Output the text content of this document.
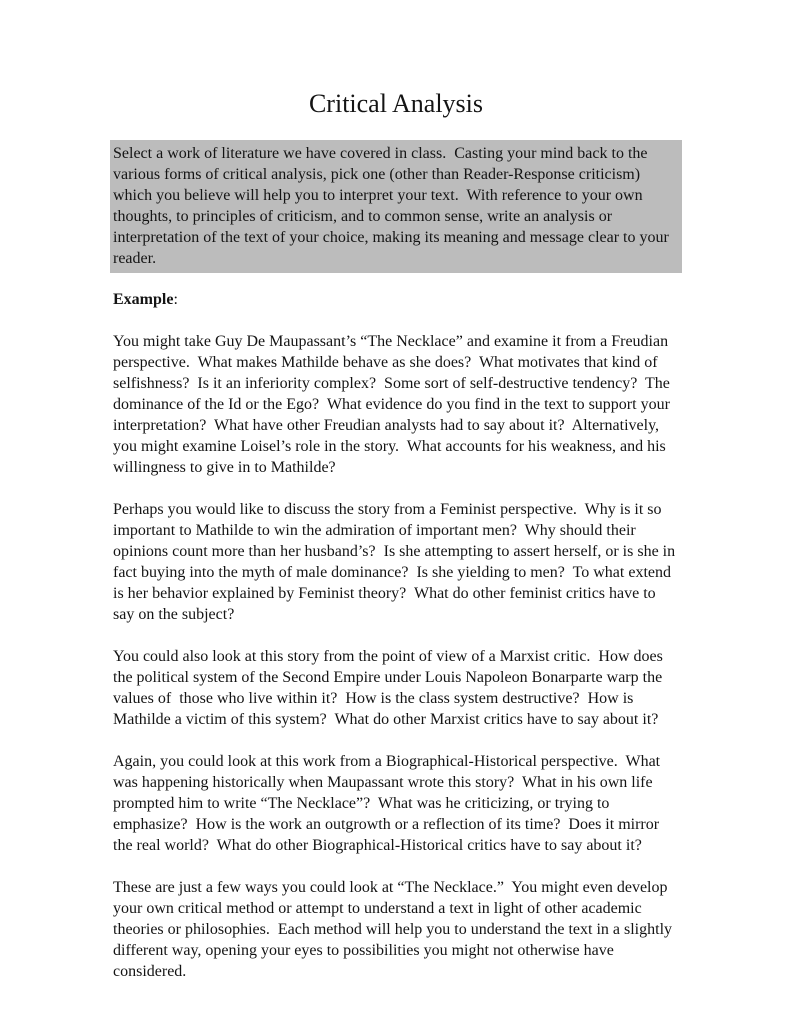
Critical Analysis
Select a work of literature we have covered in class.  Casting your mind back to the various forms of critical analysis, pick one (other than Reader-Response criticism) which you believe will help you to interpret your text.  With reference to your own thoughts, to principles of criticism, and to common sense, write an analysis or interpretation of the text of your choice, making its meaning and message clear to your reader.

Example:

You might take Guy De Maupassant’s “The Necklace” and examine it from a Freudian perspective.  What makes Mathilde behave as she does?  What motivates that kind of selfishness?  Is it an inferiority complex?  Some sort of self-destructive tendency?  The dominance of the Id or the Ego?  What evidence do you find in the text to support your interpretation?  What have other Freudian analysts had to say about it?  Alternatively, you might examine Loisel’s role in the story.  What accounts for his weakness, and his willingness to give in to Mathilde?

Perhaps you would like to discuss the story from a Feminist perspective.  Why is it so important to Mathilde to win the admiration of important men?  Why should their opinions count more than her husband’s?  Is she attempting to assert herself, or is she in fact buying into the myth of male dominance?  Is she yielding to men?  To what extend is her behavior explained by Feminist theory?  What do other feminist critics have to say on the subject?

You could also look at this story from the point of view of a Marxist critic.  How does the political system of the Second Empire under Louis Napoleon Bonarparte warp the values of  those who live within it?  How is the class system destructive?  How is Mathilde a victim of this system?  What do other Marxist critics have to say about it?

Again, you could look at this work from a Biographical-Historical perspective.  What was happening historically when Maupassant wrote this story?  What in his own life prompted him to write “The Necklace”?  What was he criticizing, or trying to emphasize?  How is the work an outgrowth or a reflection of its time?  Does it mirror the real world?  What do other Biographical-Historical critics have to say about it?

These are just a few ways you could look at “The Necklace.”  You might even develop your own critical method or attempt to understand a text in light of other academic theories or philosophies.  Each method will help you to understand the text in a slightly different way, opening your eyes to possibilities you might not otherwise have considered.
